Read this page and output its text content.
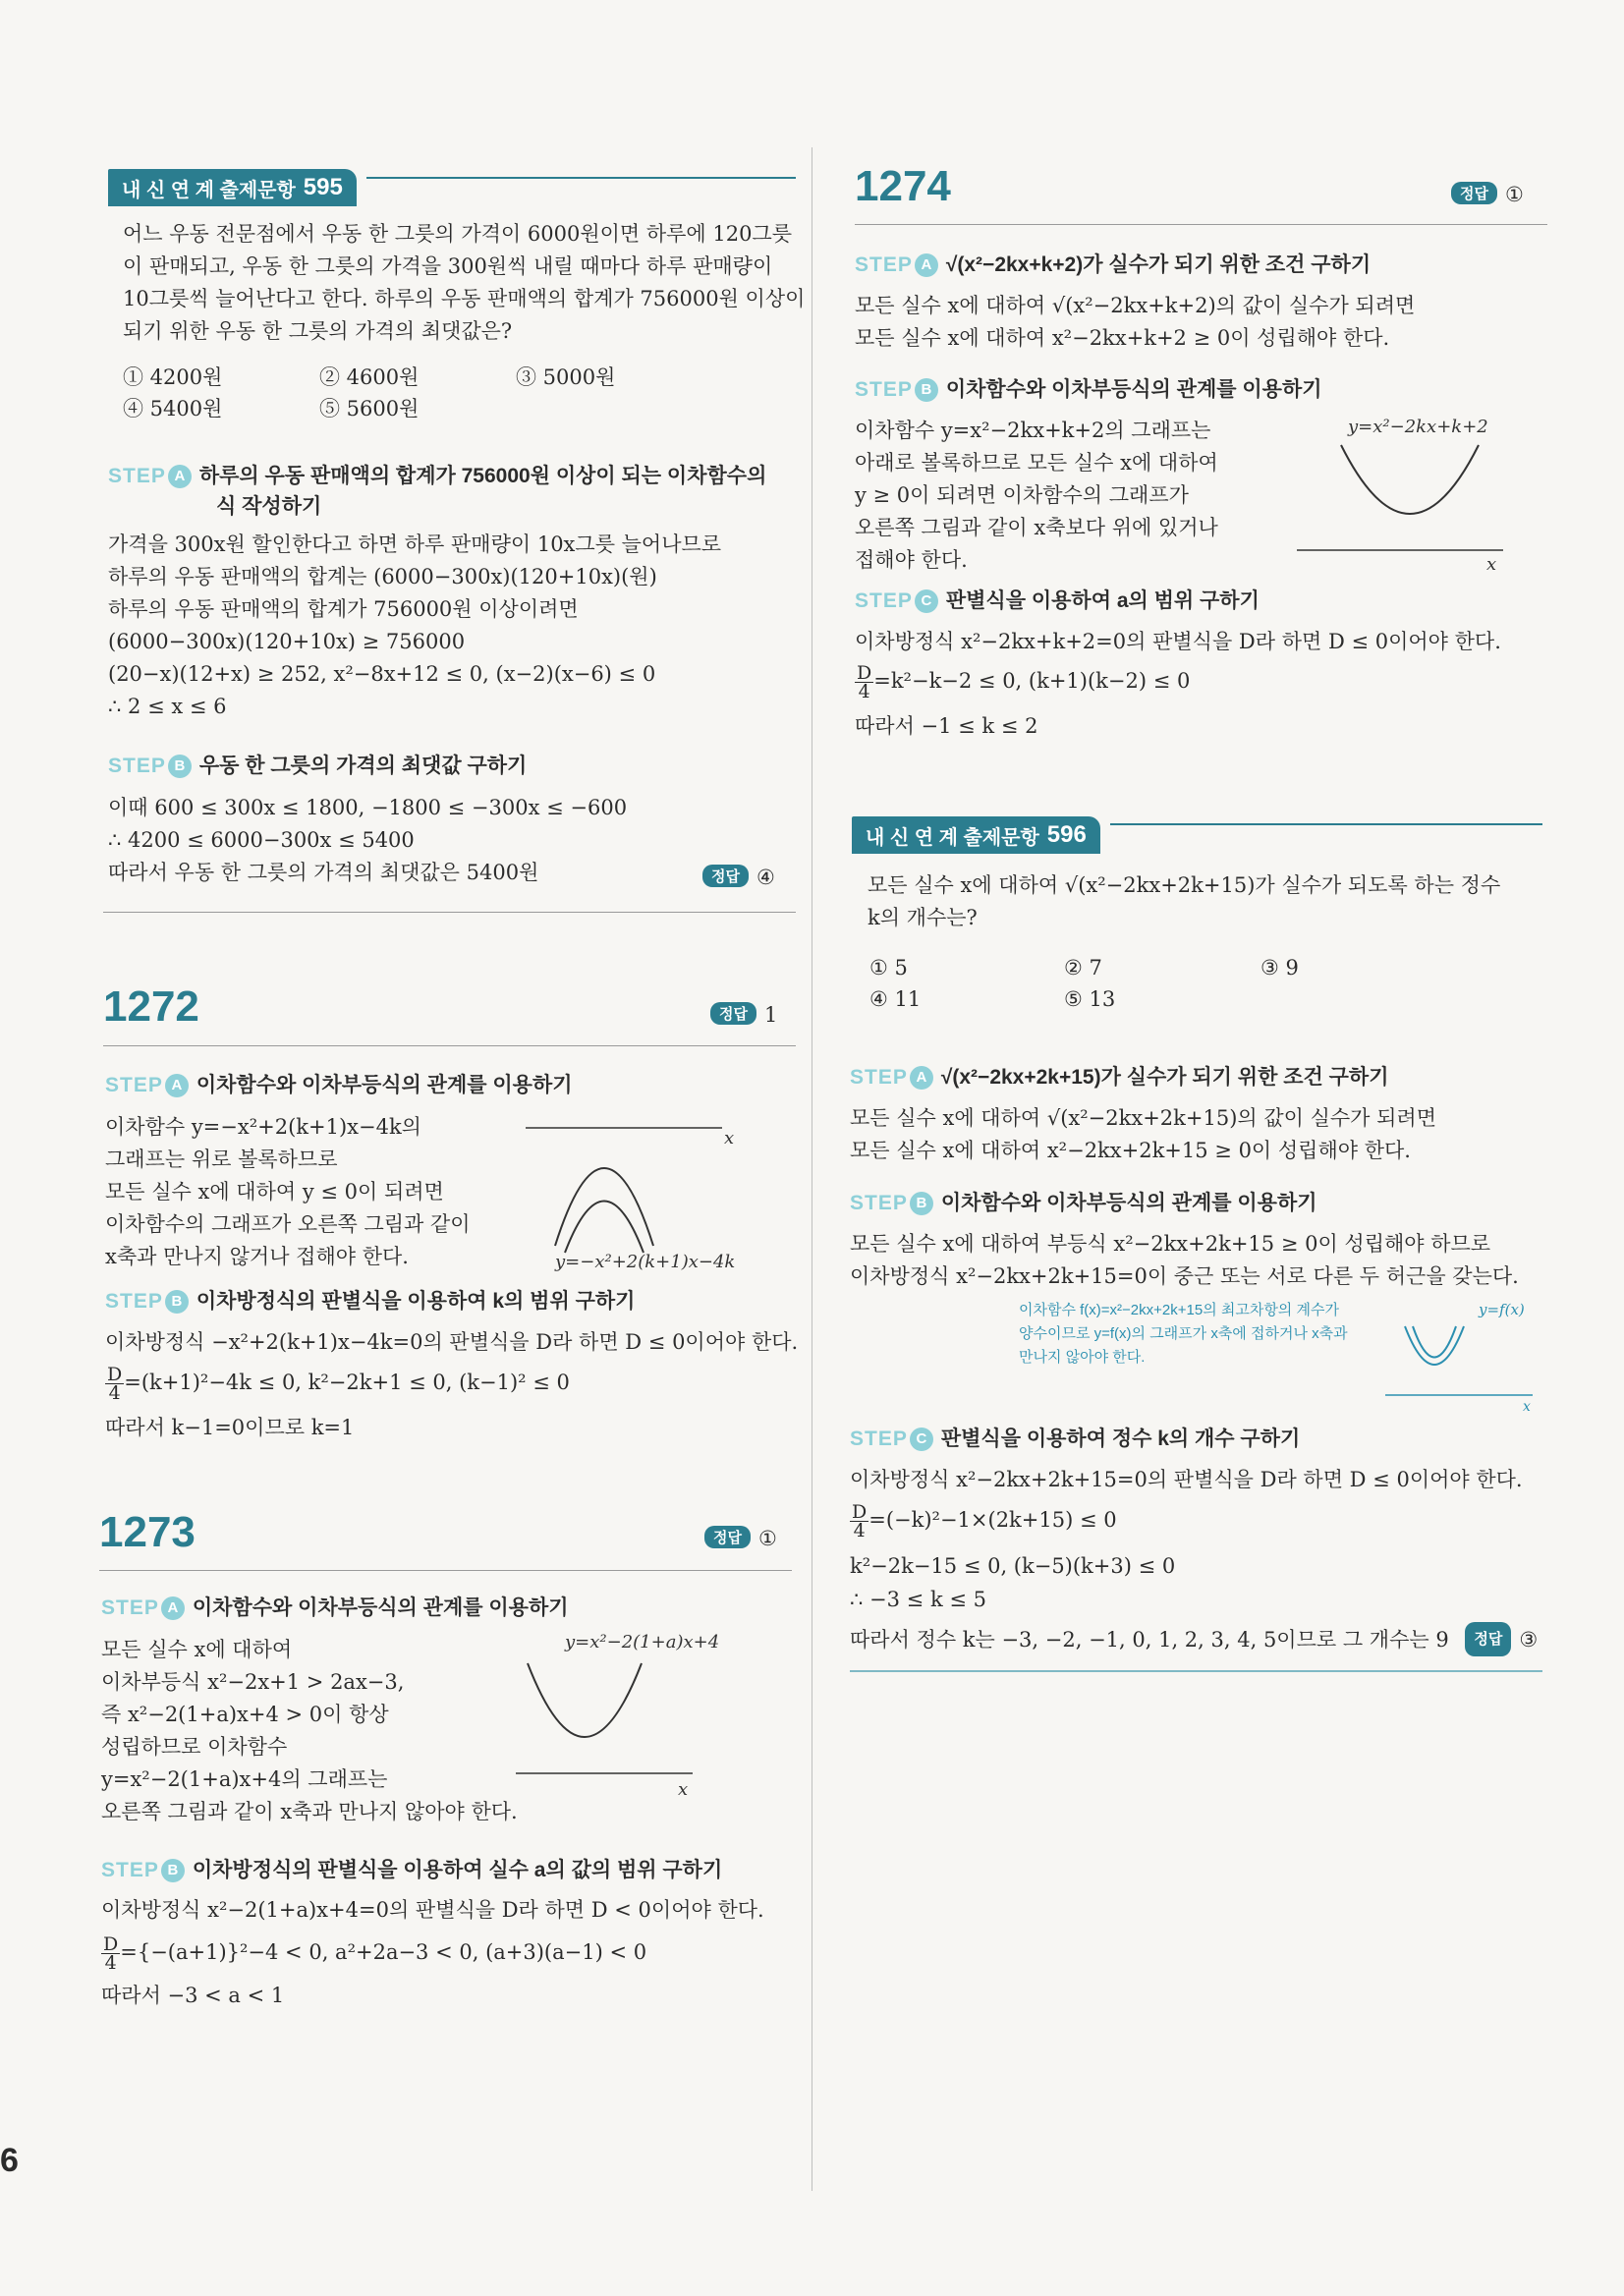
내 신 연 계 출제문항 595
어느 우동 전문점에서 우동 한 그릇의 가격이 6000원이면 하루에 120그릇
이 판매되고, 우동 한 그릇의 가격을 300원씩 내릴 때마다 하루 판매량이
10그릇씩 늘어난다고 한다. 하루의 우동 판매액의 합계가 756000원 이상이
되기 위한 우동 한 그릇의 가격의 최댓값은?
① 4200원	② 4600원	③ 5000원
④ 5400원	⑤ 5600원
STEP A 하루의 우동 판매액의 합계가 756000원 이상이 되는 이차함수의
식 작성하기
가격을 300x원 할인한다고 하면 하루 판매량이 10x그릇 늘어나므로
하루의 우동 판매액의 합계는 (6000−300x)(120+10x)(원)
하루의 우동 판매액의 합계가 756000원 이상이려면
(6000−300x)(120+10x) ≥ 756000
(20−x)(12+x) ≥ 252, x²−8x+12 ≤ 0, (x−2)(x−6) ≤ 0
∴ 2 ≤ x ≤ 6
STEP B 우동 한 그릇의 가격의 최댓값 구하기
이때 600 ≤ 300x ≤ 1800, −1800 ≤ −300x ≤ −600
∴ 4200 ≤ 6000−300x ≤ 5400
따라서 우동 한 그릇의 가격의 최댓값은 5400원	정답 ④
1272	정답 1
STEP A 이차함수와 이차부등식의 관계를 이용하기
이차함수 y=−x²+2(k+1)x−4k의
그래프는 위로 볼록하므로
모든 실수 x에 대하여 y ≤ 0이 되려면
이차함수의 그래프가 오른쪽 그림과 같이
x축과 만나지 않거나 접해야 한다.
x
y=−x²+2(k+1)x−4k
STEP B 이차방정식의 판별식을 이용하여 k의 범위 구하기
이차방정식 −x²+2(k+1)x−4k=0의 판별식을 D라 하면 D ≤ 0이어야 한다.
$\frac{D}{4} =(k+1)^2-4k \le 0$, k²−2k+1 ≤ 0, (k−1)² ≤ 0
따라서 k−1=0이므로 k=1
1273	정답 ①
STEP A 이차함수와 이차부등식의 관계를 이용하기
모든 실수 x에 대하여
이차부등식 x²−2x+1 > 2ax−3,
즉 x²−2(1+a)x+4 > 0이 항상
성립하므로 이차함수
y=x²−2(1+a)x+4의 그래프는
오른쪽 그림과 같이 x축과 만나지 않아야 한다.
y=x²−2(1+a)x+4
x
STEP B 이차방정식의 판별식을 이용하여 실수 a의 값의 범위 구하기
이차방정식 x²−2(1+a)x+4=0의 판별식을 D라 하면 D < 0이어야 한다.
$\frac{D}{4} =\{-(a+1)\}^2-4 < 0$, a²+2a−3 < 0, (a+3)(a−1) < 0
따라서 −3 < a < 1
6
1274	정답 ①
STEP A √(x²−2kx+k+2)가 실수가 되기 위한 조건 구하기
모든 실수 x에 대하여 √(x²−2kx+k+2)의 값이 실수가 되려면
모든 실수 x에 대하여 x²−2kx+k+2 ≥ 0이 성립해야 한다.
STEP B 이차함수와 이차부등식의 관계를 이용하기
이차함수 y=x²−2kx+k+2의 그래프는
아래로 볼록하므로 모든 실수 x에 대하여
y ≥ 0이 되려면 이차함수의 그래프가
오른쪽 그림과 같이 x축보다 위에 있거나
접해야 한다.
y=x²−2kx+k+2
x
STEP C 판별식을 이용하여 a의 범위 구하기
이차방정식 x²−2kx+k+2=0의 판별식을 D라 하면 D ≤ 0이어야 한다.
$\frac{D}{4} =k^2-k-2 \le 0$, (k+1)(k−2) ≤ 0
따라서 −1 ≤ k ≤ 2
내 신 연 계 출제문항 596
모든 실수 x에 대하여 √(x²−2kx+2k+15)가 실수가 되도록 하는 정수
k의 개수는?
① 5	② 7	③ 9
④ 11	⑤ 13
STEP A √(x²−2kx+2k+15)가 실수가 되기 위한 조건 구하기
모든 실수 x에 대하여 √(x²−2kx+2k+15)의 값이 실수가 되려면
모든 실수 x에 대하여 x²−2kx+2k+15 ≥ 0이 성립해야 한다.
STEP B 이차함수와 이차부등식의 관계를 이용하기
모든 실수 x에 대하여 부등식 x²−2kx+2k+15 ≥ 0이 성립해야 하므로
이차방정식 x²−2kx+2k+15=0이 중근 또는 서로 다른 두 허근을 갖는다.
이차함수 f(x)=x²−2kx+2k+15의 최고차항의 계수가
양수이므로 y=f(x)의 그래프가 x축에 접하거나 x축과
만나지 않아야 한다.
y=f(x)
x
STEP C 판별식을 이용하여 정수 k의 개수 구하기
이차방정식 x²−2kx+2k+15=0의 판별식을 D라 하면 D ≤ 0이어야 한다.
$\frac{D}{4} =(-k)^2-1\times(2k+15) \le 0$
k²−2k−15 ≤ 0, (k−5)(k+3) ≤ 0
∴ −3 ≤ k ≤ 5
따라서 정수 k는 −3, −2, −1, 0, 1, 2, 3, 4, 5이므로 그 개수는 9 정답 ③
